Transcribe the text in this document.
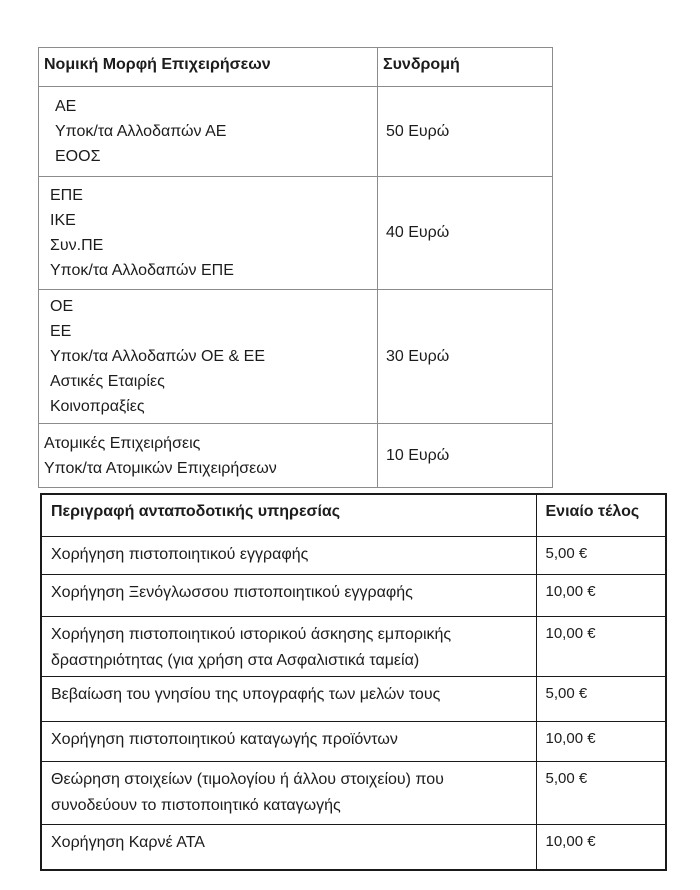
Νομική Μορφή Επιχειρήσεων	Συνδρομή

ΑΕ
Υποκ/τα Αλλοδαπών ΑΕ
ΕΟΟΣ	50 Ευρώ

ΕΠΕ
ΙΚΕ
Συν.ΠΕ
Υποκ/τα Αλλοδαπών ΕΠΕ	40 Ευρώ

ΟΕ
ΕΕ
Υποκ/τα Αλλοδαπών ΟΕ & ΕΕ
Αστικές Εταιρίες
Κοινοπραξίες	30 Ευρώ

Ατομικές Επιχειρήσεις
Υποκ/τα Ατομικών Επιχειρήσεων	10 Ευρώ
Περιγραφή ανταποδοτικής υπηρεσίας	Ενιαίο τέλος
Χορήγηση πιστοποιητικού εγγραφής	5,00 €
Χορήγηση Ξενόγλωσσου πιστοποιητικού εγγραφής	10,00 €
Χορήγηση πιστοποιητικού ιστορικού άσκησης εμπορικής δραστηριότητας (για χρήση στα Ασφαλιστικά ταμεία)	10,00 €
Βεβαίωση του γνησίου της υπογραφής των μελών τους	5,00 €
Χορήγηση πιστοποιητικού καταγωγής προϊόντων	10,00 €
Θεώρηση στοιχείων (τιμολογίου ή άλλου στοιχείου) που συνοδεύουν το πιστοποιητικό καταγωγής	5,00 €
Χορήγηση Καρνέ ΑΤΑ	10,00 €
